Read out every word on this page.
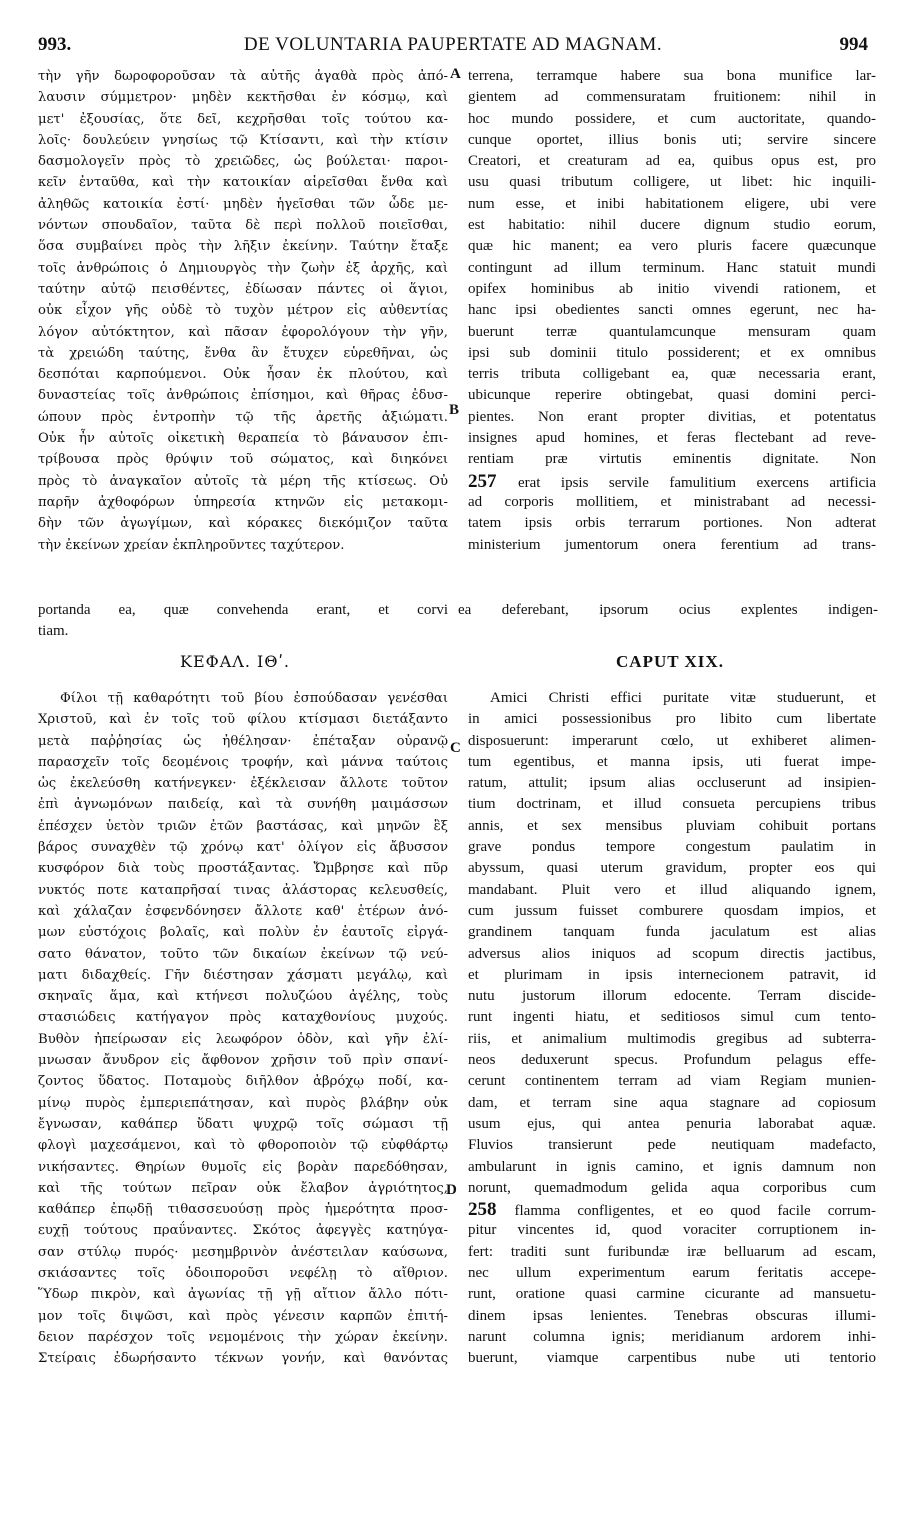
993.	DE VOLUNTARIA PAUPERTATE AD MAGNAM.	994
A
B
C
D
τὴν γῆν δωροφοροῦσαν τὰ αὐτῆς ἀγαθὰ πρὸς ἀπό-
λαυσιν σύμμετρον· μηδὲν κεκτῆσθαι ἐν κόσμῳ, καὶ
μετ' ἐξουσίας, ὅτε δεῖ, κεχρῆσθαι τοῖς τούτου κα-
λοῖς· δουλεύειν γνησίως τῷ Κτίσαντι, καὶ τὴν κτίσιν
δασμολογεῖν πρὸς τὸ χρειῶδες, ὡς βούλεται· παροι-
κεῖν ἐνταῦθα, καὶ τὴν κατοικίαν αἱρεῖσθαι ἔνθα καὶ
ἀληθῶς κατοικία ἐστί· μηδὲν ἡγεῖσθαι τῶν ὧδε με-
νόντων σπουδαῖον, ταῦτα δὲ περὶ πολλοῦ ποιεῖσθαι,
ὅσα συμβαίνει πρὸς τὴν λῆξιν ἐκείνην. Ταύτην ἔταξε
τοῖς ἀνθρώποις ὁ Δημιουργὸς τὴν ζωὴν ἐξ ἀρχῆς, καὶ
ταύτην αὐτῷ πεισθέντες, ἐδίωσαν πάντες οἱ ἅγιοι,
οὐκ εἶχον γῆς οὐδὲ τὸ τυχὸν μέτρον εἰς αὐθεντίας
λόγον αὐτόκτητον, καὶ πᾶσαν ἐφορολόγουν τὴν γῆν,
τὰ χρειώδη ταύτης, ἔνθα ἂν ἔτυχεν εὑρεθῆναι, ὡς
δεσπόται καρπούμενοι. Οὐκ ἦσαν ἐκ πλούτου, καὶ
δυναστείας τοῖς ἀνθρώποις ἐπίσημοι, καὶ θῆρας ἐδυσ-
ώπουν πρὸς ἐντροπὴν τῷ τῆς ἀρετῆς ἀξιώματι.
Οὐκ ἦν αὐτοῖς οἰκετικὴ θεραπεία τὸ βάναυσον ἐπι-
τρίβουσα πρὸς θρύψιν τοῦ σώματος, καὶ διηκόνει
πρὸς τὸ ἀναγκαῖον αὐτοῖς τὰ μέρη τῆς κτίσεως. Οὐ
παρῆν ἀχθοφόρων ὑπηρεσία κτηνῶν εἰς μετακομι-
δὴν τῶν ἀγωγίμων, καὶ κόρακες διεκόμιζον ταῦτα
τὴν ἐκείνων χρείαν ἐκπληροῦντες ταχύτερον.
terrena, terramque habere sua bona munifice lar-
gientem ad commensuratam fruitionem: nihil in
hoc mundo possidere, et cum auctoritate, quando-
cunque oportet, illius bonis uti; servire sincere
Creatori, et creaturam ad ea, quibus opus est, pro
usu quasi tributum colligere, ut libet: hic inquili-
num esse, et inibi habitationem eligere, ubi vere
est habitatio: nihil ducere dignum studio eorum,
quæ hic manent; ea vero pluris facere quæcunque
contingunt ad illum terminum. Hanc statuit mundi
opifex hominibus ab initio vivendi rationem, et
hanc ipsi obedientes sancti omnes egerunt, nec ha-
buerunt terræ quantulamcunque mensuram quam
ipsi sub dominii titulo possiderent; et ex omnibus
terris tributa colligebant ea, quæ necessaria erant,
ubicunque reperire obtingebat, quasi domini perci-
pientes. Non erant propter divitias, et potentatus
insignes apud homines, et feras flectebant ad reve-
rentiam præ virtutis eminentis dignitate. Non
257 erat ipsis servile famulitium exercens artificia
ad corporis mollitiem, et ministrabant ad necessi-
tatem ipsis orbis terrarum portiones. Non adterat
ministerium jumentorum onera ferentium ad trans-
portanda ea, quæ convehenda erant, et corvi
tiam.
ea deferebant, ipsorum ocius explentes indigen-
ΚΕΦΑΛ. ΙΘʹ.	CAPUT XIX.
Φίλοι τῇ καθαρότητι τοῦ βίου ἐσπούδασαν γενέσθαι
Χριστοῦ, καὶ ἐν τοῖς τοῦ φίλου κτίσμασι διετάξαντο
μετὰ παῤῥησίας ὡς ἠθέλησαν· ἐπέταξαν οὐρανῷ
παρασχεῖν τοῖς δεομένοις τροφήν, καὶ μάννα ταύτοις
ὡς ἐκελεύσθη κατήνεγκεν· ἐξέκλεισαν ἄλλοτε τοῦτον
ἐπὶ ἀγνωμόνων παιδείᾳ, καὶ τὰ συνήθη μαιμάσσων
ἐπέσχεν ὑετὸν τριῶν ἐτῶν βαστάσας, καὶ μηνῶν ἓξ
βάρος συναχθὲν τῷ χρόνῳ κατ' ὀλίγον εἰς ἄβυσσον
κυσφόρον διὰ τοὺς προστάξαντας. Ὤμβρησε καὶ πῦρ
νυκτός ποτε καταπρῆσαί τινας ἀλάστορας κελευσθείς,
καὶ χάλαζαν ἐσφενδόνησεν ἄλλοτε καθ' ἑτέρων ἀνό-
μων εὐστόχοις βολαῖς, καὶ πολὺν ἐν ἑαυτοῖς εἰργά-
σατο θάνατον, τοῦτο τῶν δικαίων ἐκείνων τῷ νεύ-
ματι διδαχθείς. Γῆν διέστησαν χάσματι μεγάλῳ, καὶ
σκηναῖς ἅμα, καὶ κτήνεσι πολυζώου ἀγέλης, τοὺς
στασιώδεις κατήγαγον πρὸς καταχθονίους μυχούς.
Βυθὸν ἠπείρωσαν εἰς λεωφόρον ὁδὸν, καὶ γῆν ἐλί-
μνωσαν ἄνυδρον εἰς ἄφθονον χρῆσιν τοῦ πρὶν σπανί-
ζοντος ὕδατος. Ποταμοὺς διῆλθον ἀβρόχῳ ποδί, κα-
μίνῳ πυρὸς ἐμπεριεπάτησαν, καὶ πυρὸς βλάβην οὐκ
ἔγνωσαν, καθάπερ ὕδατι ψυχρῷ τοῖς σώμασι τῇ
φλογὶ μαχεσάμενοι, καὶ τὸ φθοροποιὸν τῷ εὐφθάρτῳ
νικήσαντες. Θηρίων θυμοῖς εἰς βορὰν παρεδόθησαν,
καὶ τῆς τούτων πεῖραν οὐκ ἔλαβον ἀγριότητος,
καθάπερ ἐπῳδῇ τιθασσευούσῃ πρὸς ἡμερότητα προσ-
ευχῇ τούτους πραΰναντες. Σκότος ἀφεγγὲς κατηύγα-
σαν στύλῳ πυρός· μεσημβρινὸν ἀνέστειλαν καύσωνα,
σκιάσαντες τοῖς ὁδοιποροῦσι νεφέλῃ τὸ αἴθριον.
Ὕδωρ πικρὸν, καὶ ἀγωνίας τῇ γῇ αἴτιον ἄλλο πότι-
μον τοῖς διψῶσι, καὶ πρὸς γένεσιν καρπῶν ἐπιτή-
δειον παρέσχον τοῖς νεμομένοις τὴν χώραν ἐκείνην.
Στείραις ἐδωρήσαντο τέκνων γονήν, καὶ θανόντας
Amici Christi effici puritate vitæ studuerunt, et
in amici possessionibus pro libito cum libertate
disposuerunt: imperarunt cœlo, ut exhiberet alimen-
tum egentibus, et manna ipsis, uti fuerat impe-
ratum, attulit; ipsum alias occluserunt ad insipien-
tium doctrinam, et illud consueta percupiens tribus
annis, et sex mensibus pluviam cohibuit portans
grave pondus tempore congestum paulatim in
abyssum, quasi uterum gravidum, propter eos qui
mandabant. Pluit vero et illud aliquando ignem,
cum jussum fuisset comburere quosdam impios, et
grandinem tanquam funda jaculatum est alias
adversus alios iniquos ad scopum directis jactibus,
et plurimam in ipsis internecionem patravit, id
nutu justorum illorum edocente. Terram discide-
runt ingenti hiatu, et seditiosos simul cum tento-
riis, et animalium multimodis gregibus ad subterra-
neos deduxerunt specus. Profundum pelagus effe-
cerunt continentem terram ad viam Regiam munien-
dam, et terram sine aqua stagnare ad copiosum
usum ejus, qui antea penuria laborabat aquæ.
Fluvios transierunt pede neutiquam madefacto,
ambularunt in ignis camino, et ignis damnum non
norunt, quemadmodum gelida aqua corporibus cum
258 flamma confligentes, et eo quod facile corrum-
pitur vincentes id, quod voraciter corruptionem in-
fert: traditi sunt furibundæ iræ belluarum ad escam,
nec ullum experimentum earum feritatis accepe-
runt, oratione quasi carmine cicurante ad mansuetu-
dinem ipsas lenientes. Tenebras obscuras illumi-
narunt columna ignis; meridianum ardorem inhi-
buerunt, viamque carpentibus nube uti tentorio
